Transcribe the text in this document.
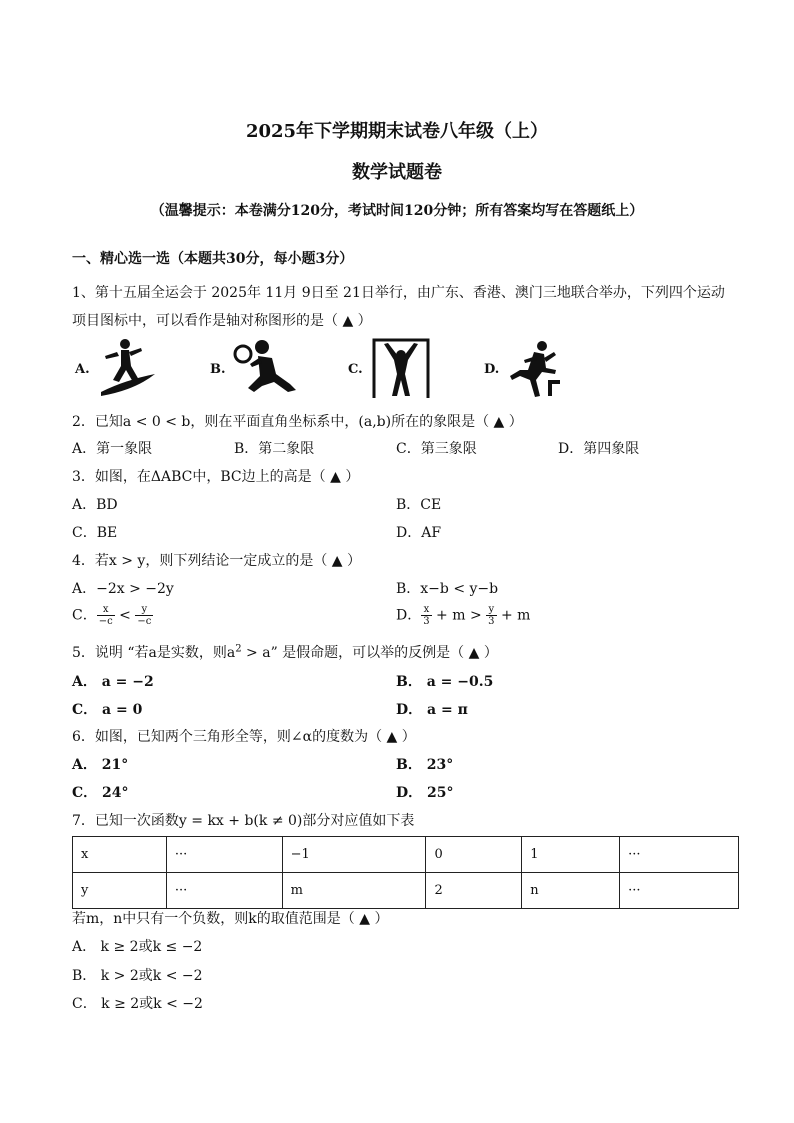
2025年下学期期末试卷八年级（上）
数学试题卷
（温馨提示：本卷满分120分，考试时间120分钟；所有答案均写在答题纸上）
一、精心选一选（本题共30分，每小题3分）
1、第十五届全运会于 2025年 11月 9日至 21日举行，由广东、香港、澳门三地联合举办，下列四个运动
项目图标中，可以看作是轴对称图形的是（ ▲ ）
A.	B.	C.	D.
2．已知a < 0 < b，则在平面直角坐标系中，(a,b)所在的象限是（ ▲ ）
A．第一象限	B．第二象限	C．第三象限	D．第四象限
3．如图，在ΔABC中，BC边上的高是（ ▲ ）
A．BD	B．CE
C．BE	D．AF
4．若x > y，则下列结论一定成立的是（ ▲ ）
A．−2x > −2y	B．x−b < y−b
C． $\frac{x}{-c} < \frac{y}{-c}$	D． $\frac{x}{3} + m > \frac{y}{3} + m$
5．说明 “若a是实数，则$a^2 > a$” 是假命题，可以举的反例是（ ▲ ）
A． a = −2	B． a = −0.5
C． a = 0	D． a = π
6．如图，已知两个三角形全等，则∠α的度数为（ ▲ ）
A． 21°	B． 23°
C． 24°	D． 25°
7．已知一次函数y = kx + b(k ≠ 0)部分对应值如下表
x	···	−1	0	1	···
y	···	m	2	n	···
若m，n中只有一个负数，则k的取值范围是（ ▲ ）
A． k ≥ 2或k ≤ −2
B． k > 2或k < −2
C． k ≥ 2或k < −2
